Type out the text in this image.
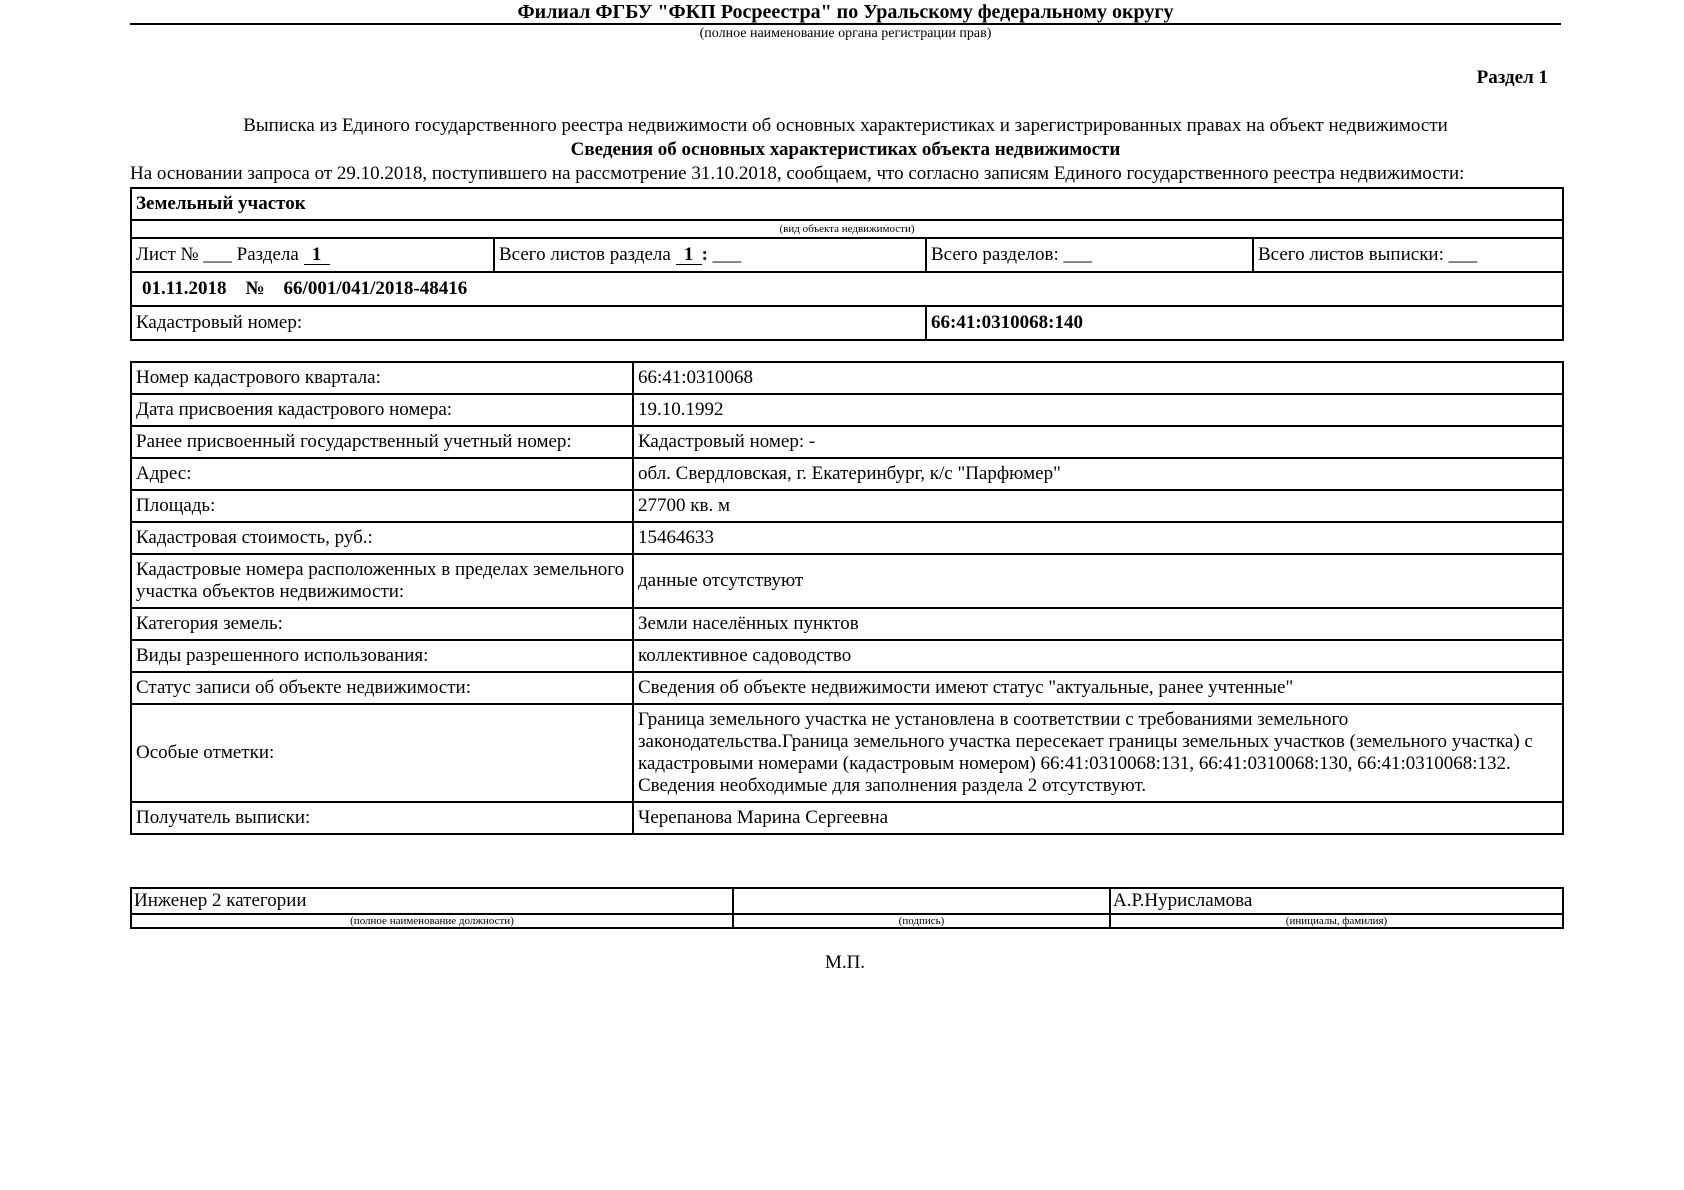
Филиал ФГБУ "ФКП Росреестра" по Уральскому федеральному округу
(полное наименование органа регистрации прав)
Раздел 1
Выписка из Единого государственного реестра недвижимости об основных характеристиках и зарегистрированных правах на объект недвижимости
Сведения об основных характеристиках объекта недвижимости
На основании запроса от 29.10.2018, поступившего на рассмотрение 31.10.2018, сообщаем, что согласно записям Единого государственного реестра недвижимости:
Земельный участок			
(вид объекта недвижимости)			
Лист № ___ Раздела 1	Всего листов раздела 1 : ___	Всего разделов: ___	Всего листов выписки: ___
01.11.2018 № 66/001/041/2018-48416			
Кадастровый номер:		66:41:0310068:140	
Номер кадастрового квартала:	66:41:0310068
Дата присвоения кадастрового номера:	19.10.1992
Ранее присвоенный государственный учетный номер:	Кадастровый номер: -
Адрес:	обл. Свердловская, г. Екатеринбург, к/с "Парфюмер"
Площадь:	27700 кв. м
Кадастровая стоимость, руб.:	15464633
Кадастровые номера расположенных в пределах земельного участка объектов недвижимости:	данные отсутствуют
Категория земель:	Земли населённых пунктов
Виды разрешенного использования:	коллективное садоводство
Статус записи об объекте недвижимости:	Сведения об объекте недвижимости имеют статус "актуальные, ранее учтенные"
Особые отметки:	Граница земельного участка не установлена в соответствии с требованиями земельного законодательства.Граница земельного участка пересекает границы земельных участков (земельного участка) с кадастровыми номерами (кадастровым номером) 66:41:0310068:131, 66:41:0310068:130, 66:41:0310068:132.
Сведения необходимые для заполнения раздела 2 отсутствуют.
Получатель выписки:	Черепанова Марина Сергеевна
Инженер 2 категории		А.Р.Нурисламова
(полное наименование должности)	(подпись)	(инициалы, фамилия)
М.П.
